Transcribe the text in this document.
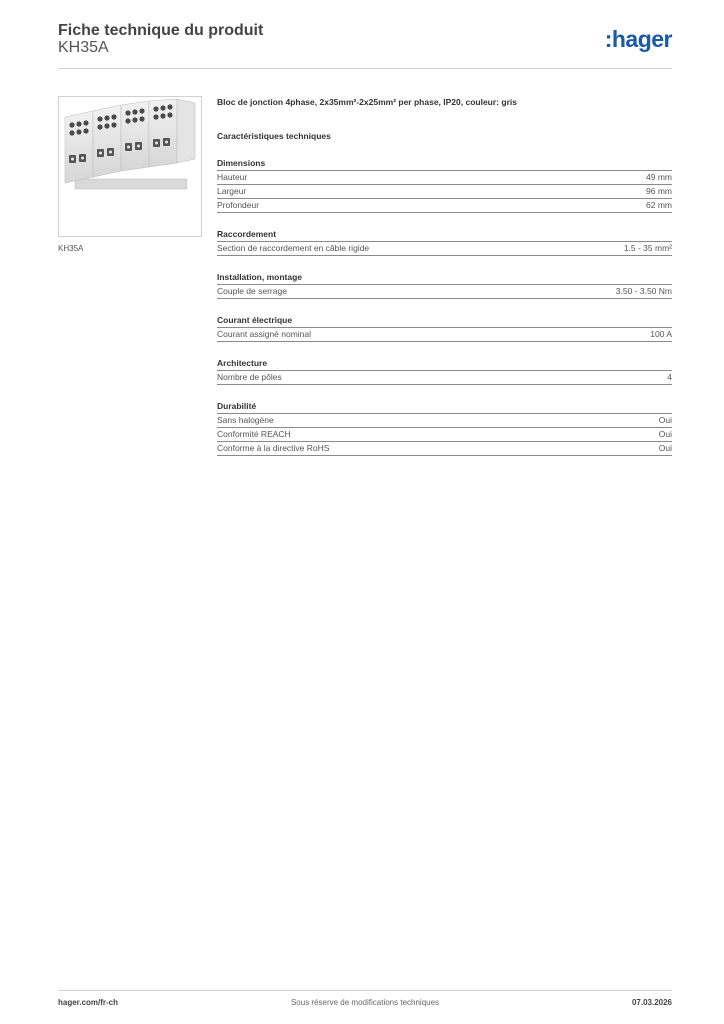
Fiche technique du produit
KH35A	:hager
KH35A

Bloc de jonction 4phase, 2x35mm²-2x25mm² per phase, IP20, couleur: gris

Caractéristiques techniques
Dimensions
Hauteur	49 mm
Largeur	96 mm
Profondeur	62 mm
Raccordement
Section de raccordement en câble rigide	1.5 - 35 mm²
Installation, montage
Couple de serrage	3.50 - 3.50 Nm
Courant électrique
Courant assigné nominal	100 A
Architecture
Nombre de pôles	4
Durabilité
Sans halogène	Oui
Conformité REACH	Oui
Conforme à la directive RoHS	Oui
hager.com/fr-ch	Sous réserve de modifications techniques	07.03.2026
